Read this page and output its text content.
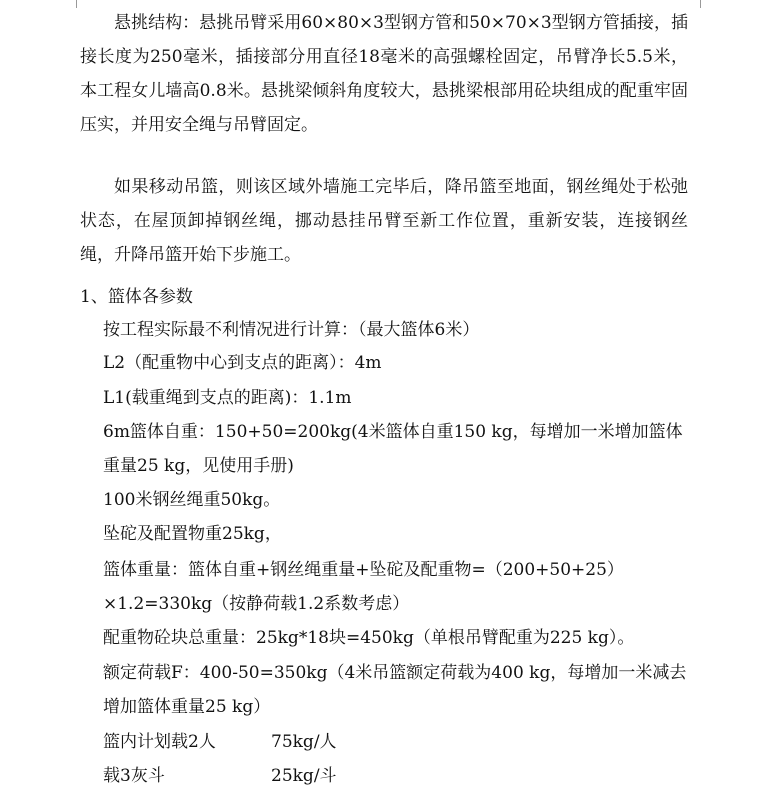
悬挑结构：悬挑吊臂采用60×80×3型钢方管和50×70×3型钢方管插接，插接长度为250毫米，插接部分用直径18毫米的高强螺栓固定，吊臂净长5.5米，本工程女儿墙高0.8米。悬挑梁倾斜角度较大，悬挑梁根部用砼块组成的配重牢固压实，并用安全绳与吊臂固定。

如果移动吊篮，则该区域外墙施工完毕后，降吊篮至地面，钢丝绳处于松弛状态，在屋顶卸掉钢丝绳，挪动悬挂吊臂至新工作位置，重新安装，连接钢丝绳，升降吊篮开始下步施工。

1、篮体各参数

按工程实际最不利情况进行计算：（最大篮体6米）

L2（配重物中心到支点的距离）：4m

L1(载重绳到支点的距离)：1.1m

6m篮体自重：150+50=200kg(4米篮体自重150 kg，每增加一米增加篮体重量25 kg，见使用手册)

100米钢丝绳重50kg。

坠砣及配置物重25kg，

篮体重量：篮体自重+钢丝绳重量+坠砣及配重物=（200+50+25）×1.2=330kg（按静荷载1.2系数考虑）

配重物砼块总重量：25kg*18块=450kg（单根吊臂配重为225 kg）。

额定荷载F：400-50=350kg（4米吊篮额定荷载为400 kg，每增加一米减去增加篮体重量25 kg）

篮内计划载2人	75kg/人

载3灰斗	25kg/斗
